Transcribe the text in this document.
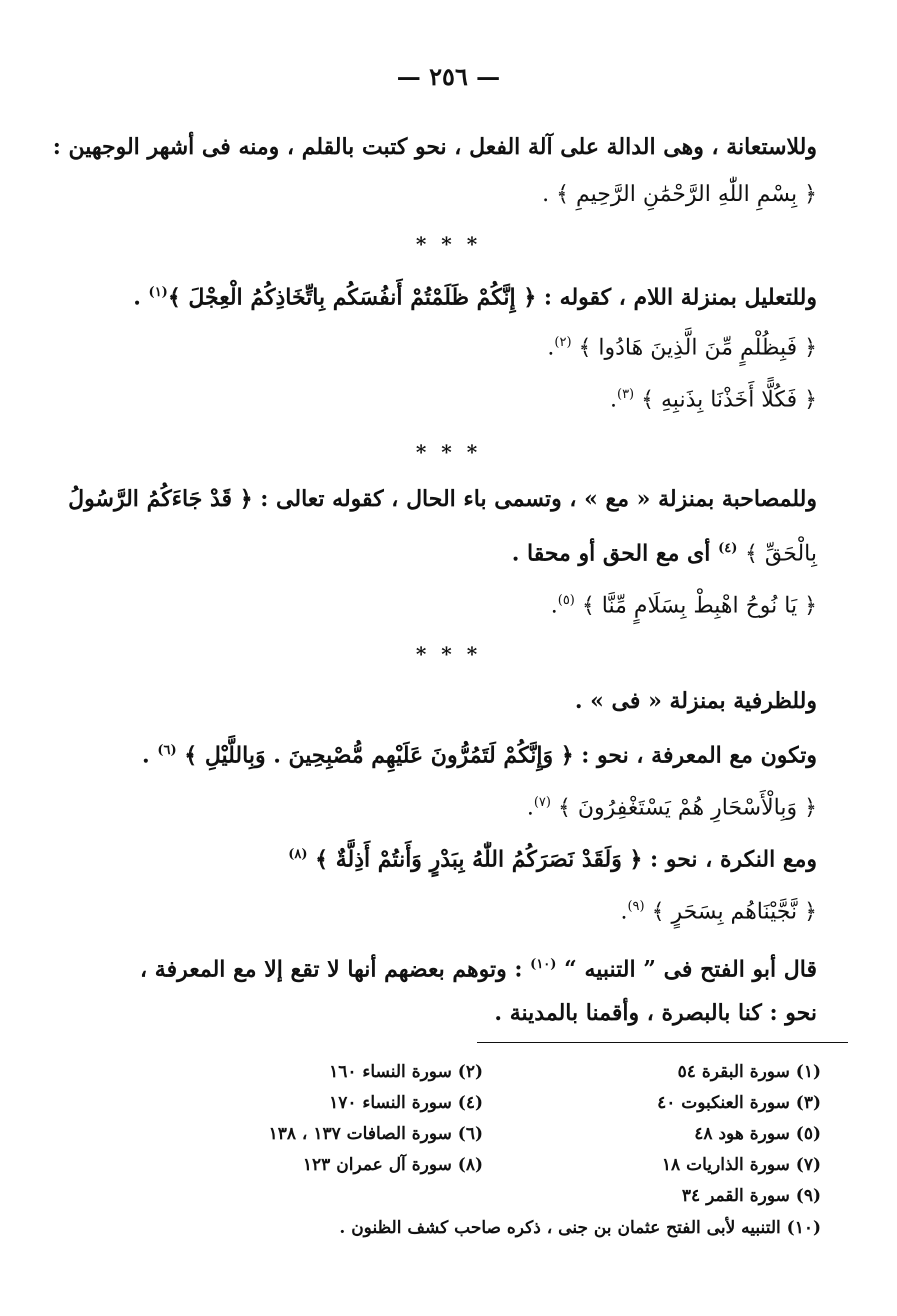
— ٢٥٦ —
وللاستعانة ، وهى الدالة على آلة الفعل ، نحو كتبت بالقلم ، ومنه فى أشهر الوجهين :
﴿ بِسْمِ اللّٰهِ الرَّحْمَٰنِ الرَّحِيمِ ﴾ .
* * *
وللتعليل بمنزلة اللام ، كقوله : ﴿ إِنَّكُمْ ظَلَمْتُمْ أَنفُسَكُم بِاتِّخَاذِكُمُ الْعِجْلَ ﴾$^{(١)}$ .
﴿ فَبِظُلْمٍ مِّنَ الَّذِينَ هَادُوا ﴾ $^{(٢)}$.
﴿ فَكُلًّا أَخَذْنَا بِذَنبِهِ ﴾ $^{(٣)}$.
* * *
وللمصاحبة بمنزلة « مع » ، وتسمى باء الحال ، كقوله تعالى : ﴿ قَدْ جَاءَكُمُ الرَّسُولُ
بِالْحَقِّ ﴾ $^{(٤)}$ أى مع الحق أو محقا .
﴿ يَا نُوحُ اهْبِطْ بِسَلَامٍ مِّنَّا ﴾ $^{(٥)}$.
* * *
وللظرفية بمنزلة « فى » .
وتكون مع المعرفة ، نحو : ﴿ وَإِنَّكُمْ لَتَمُرُّونَ عَلَيْهِم مُّصْبِحِينَ . وَبِاللَّيْلِ ﴾ $^{(٦)}$ .
﴿ وَبِالْأَسْحَارِ هُمْ يَسْتَغْفِرُونَ ﴾ $^{(٧)}$.
ومع النكرة ، نحو : ﴿ وَلَقَدْ نَصَرَكُمُ اللّٰهُ بِبَدْرٍ وَأَنتُمْ أَذِلَّةٌ ﴾ $^{(٨)}$
﴿ نَّجَّيْنَاهُم بِسَحَرٍ ﴾ $^{(٩)}$.
قال أبو الفتح فى ” التنبيه “ $^{(١٠)}$ : وتوهم بعضهم أنها لا تقع إلا مع المعرفة ،
نحو : كنا بالبصرة ، وأقمنا بالمدينة .
(١) سورة البقرة ٥٤
(٣) سورة العنكبوت ٤٠
(٥) سورة هود ٤٨
(٧) سورة الذاريات ١٨
(٩) سورة القمر ٣٤
(٢) سورة النساء ١٦٠
(٤) سورة النساء ١٧٠
(٦) سورة الصافات ١٣٧ ، ١٣٨
(٨) سورة آل عمران ١٢٣
(١٠) التنبيه لأبى الفتح عثمان بن جنى ، ذكره صاحب كشف الظنون .
